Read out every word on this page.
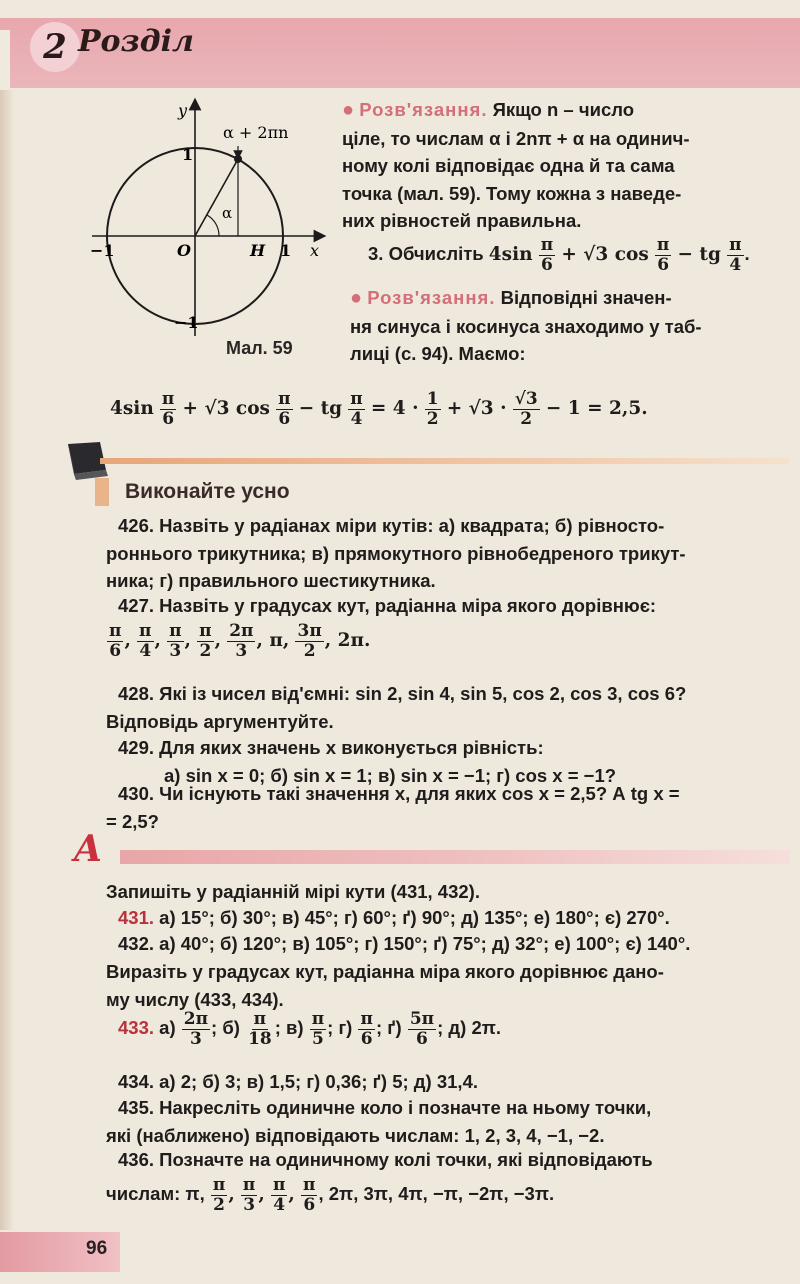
2 Розділ
y
x
O	H 1
−1
1
−1
α
α + 2πn
Мал. 59
● Розв'язання. Якщо n – число
ціле, то числам α і 2nπ + α на одинич-
ному колі відповідає одна й та сама
точка (мал. 59). Тому кожна з наведе-
них рівностей правильна.
3. Обчисліть $4\sin \frac{\pi}{6} + √3$ $\cos \frac{\pi}{6}$ − tg $\frac{\pi}{4}$ .
● Розв'язання. Відповідні значен-
ня синуса і косинуса знаходимо у таб-
лиці (с. 94). Маємо:
$4\sin \frac{\pi}{6} + √3$ $\cos \frac{\pi}{6}$ − tg $\frac{\pi}{4} = 4 \cdot \frac{1}{2} + √3 \cdot \frac{√3}{2} - 1 = 2,5$.
Виконайте усно
426. Назвіть у радіанах міри кутів: а) квадрата; б) рівносто-
роннього трикутника; в) прямокутного рівнобедреного трикут-
ника; г) правильного шестикутника.
427. Назвіть у градусах кут, радіанна міра якого дорівнює:
$\frac{\pi}{6}$ , $\frac{\pi}{4}$ , $\frac{\pi}{3}$ , $\frac{\pi}{2}$ , $\frac{2\pi}{3}$ , π, $\frac{3\pi}{2}$ , 2π.
428. Які із чисел від'ємні: sin 2, sin 4, sin 5, cos 2, cos 3, cos 6?
Відповідь аргументуйте.
429. Для яких значень x виконується рівність:
а) sin x = 0; б) sin x = 1; в) sin x = −1; г) cos x = −1?
430. Чи існують такі значення x, для яких cos x = 2,5? А tg x =
= 2,5?
A
Запишіть у радіанній мірі кути (431, 432).
431. а) 15°; б) 30°; в) 45°; г) 60°; ґ) 90°; д) 135°; е) 180°; є) 270°.
432. а) 40°; б) 120°; в) 105°; г) 150°; ґ) 75°; д) 32°; е) 100°; є) 140°.
Виразіть у градусах кут, радіанна міра якого дорівнює дано-
му числу (433, 434).
433. $а) \frac{2\pi}{3}$ ; $б) \frac{\pi}{18}$ ; $в) \frac{\pi}{5}$ ; $г) \frac{\pi}{6}$ ; $ґ) \frac{5\pi}{6}$ ; д) 2π.
434. а) 2; б) 3; в) 1,5; г) 0,36; ґ) 5; д) 31,4.
435. Накресліть одиничне коло і позначте на ньому точки,
які (наближено) відповідають числам: 1, 2, 3, 4, −1, −2.
436. Позначте на одиничному колі точки, які відповідають
числам: π, $\frac{\pi}{2}$ , $\frac{\pi}{3}$ , $\frac{\pi}{4}$ , $\frac{\pi}{6}$ , 2π, 3π, 4π, −π, −2π, −3π.
96
